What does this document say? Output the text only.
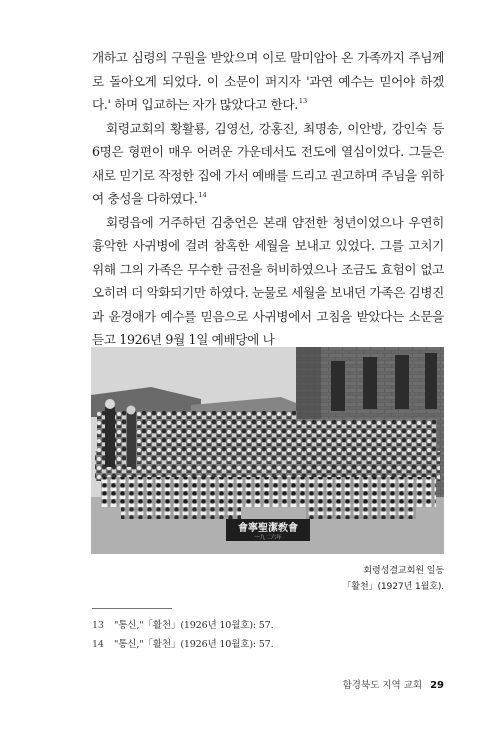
개하고 심령의 구원을 받았으며 이로 말미암아 온 가족까지 주님께로 돌아오게 되었다. 이 소문이 퍼지자 '과연 예수는 믿어야 하겠다.' 하며 입교하는 자가 많았다고 한다.$^{13}$

회령교회의 황활룡, 김영선, 강홍진, 최명송, 이안방, 강인숙 등 6명은 형편이 매우 어려운 가운데서도 전도에 열심이었다. 그들은 새로 믿기로 작정한 집에 가서 예배를 드리고 권고하며 주님을 위하여 충성을 다하였다.$^{14}$

회령읍에 거주하던 김충언은 본래 얌전한 청년이었으나 우연히 흉악한 사귀병에 걸려 참혹한 세월을 보내고 있었다. 그를 고치기 위해 그의 가족은 무수한 금전을 허비하였으나 조금도 효험이 없고 오히려 더 악화되기만 하였다. 눈물로 세월을 보내던 가족은 김병진과 윤경애가 예수를 믿음으로 사귀병에서 고침을 받았다는 소문을 듣고 1926년 9월 1일 예배당에 나

會寧聖潔敎會
一九二六年
회령성결교회원 일동
「활천」(1927년 1월호).
13 "통신,"「활천」(1926년 10월호): 57.
14 "통신,"「활천」(1926년 10월호): 57.
함경북도 지역 교회 29
